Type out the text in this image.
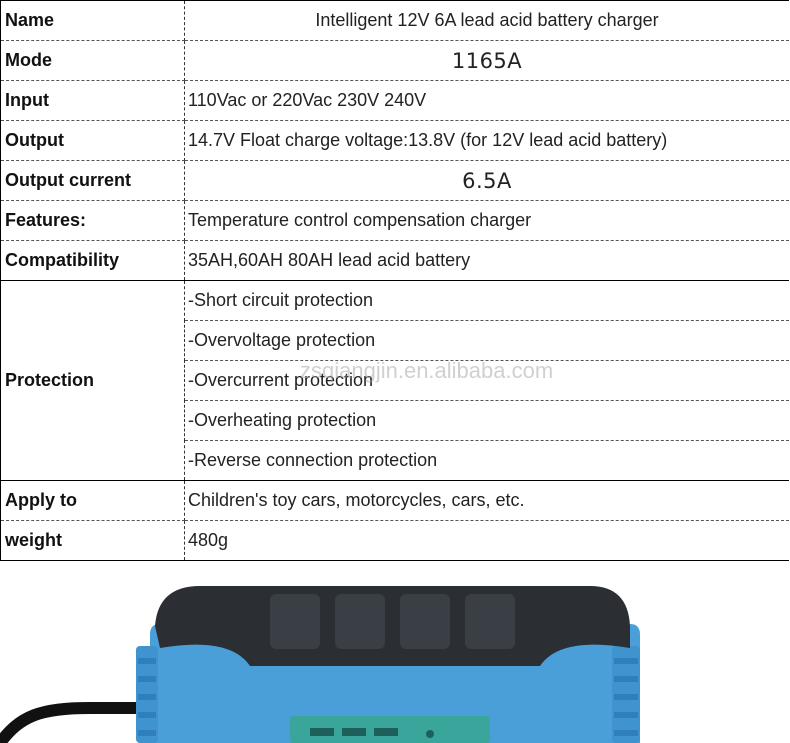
Name	Intelligent 12V 6A lead acid battery charger
Mode	1165A
Input	110Vac or 220Vac 230V 240V
Output	14.7V Float charge voltage:13.8V (for 12V lead acid battery)
Output current	6.5A
Features:	Temperature control compensation charger
Compatibility	35AH,60AH 80AH lead acid battery
Protection	-Short circuit protection
	-Overvoltage protection
	-Overcurrent protection
	-Overheating protection
	-Reverse connection protection
Apply to	Children's toy cars, motorcycles, cars, etc.
weight	480g
zsqiangjin.en.alibaba.com
